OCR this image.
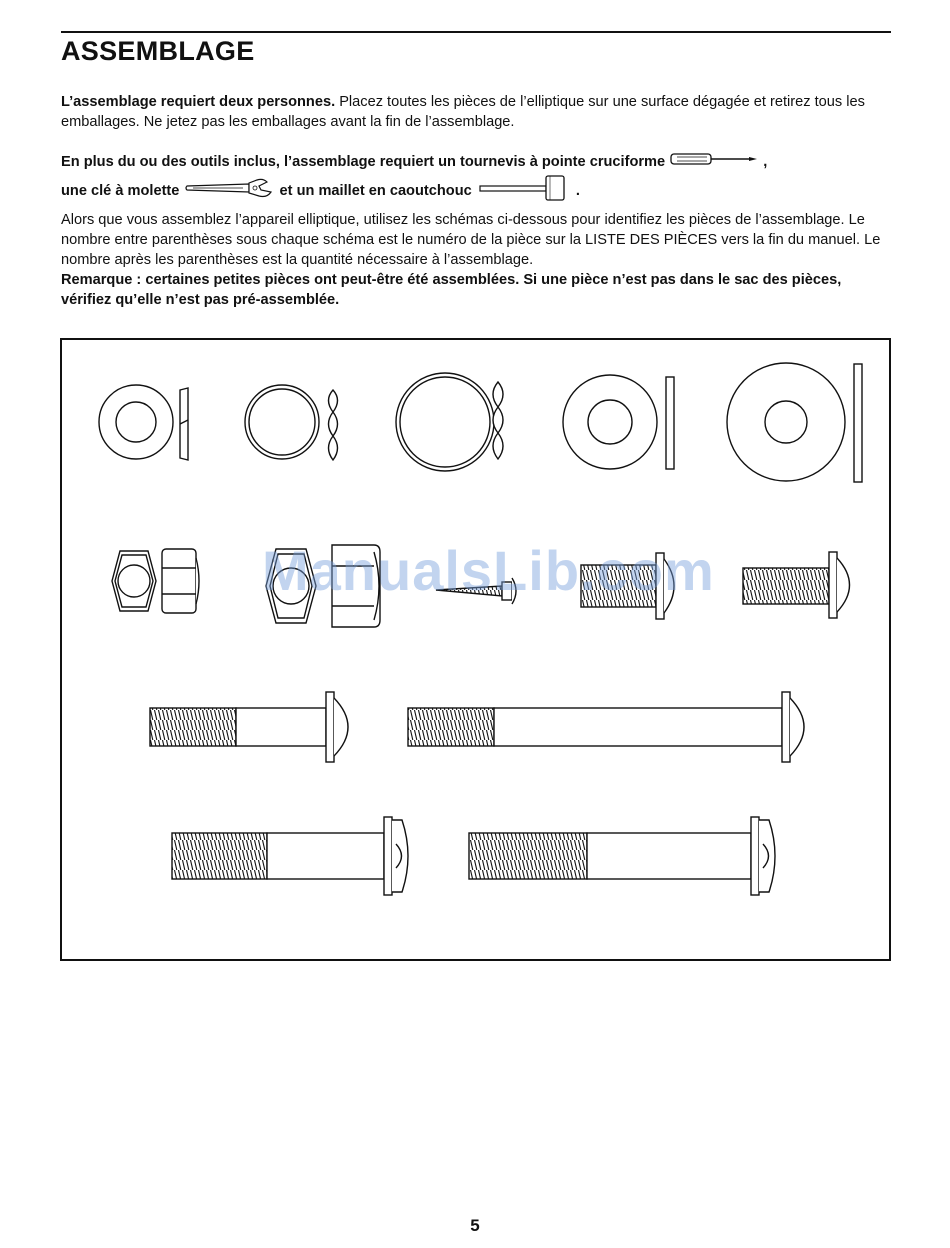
ASSEMBLAGE

L’assemblage requiert deux personnes. Placez toutes les pièces de l’elliptique sur une surface dégagée et retirez tous les emballages. Ne jetez pas les emballages avant la fin de l’assemblage.

En plus du ou des outils inclus, l’assemblage requiert un tournevis à pointe cruciforme	,
une clé à molette	et un maillet en caoutchouc	.

Alors que vous assemblez l’appareil elliptique, utilisez les schémas ci-dessous pour identifiez les pièces de l’assemblage. Le nombre entre parenthèses sous chaque schéma est le numéro de la pièce sur la LISTE DES PIÈCES vers la fin du manuel. Le nombre après les parenthèses est la quantité nécessaire à l’assemblage.
Remarque : certaines petites pièces ont peut-être été assemblées. Si une pièce n’est pas dans le sac des pièces, vérifiez qu’elle n’est pas pré-assemblée.

ManualsLib.com
5
